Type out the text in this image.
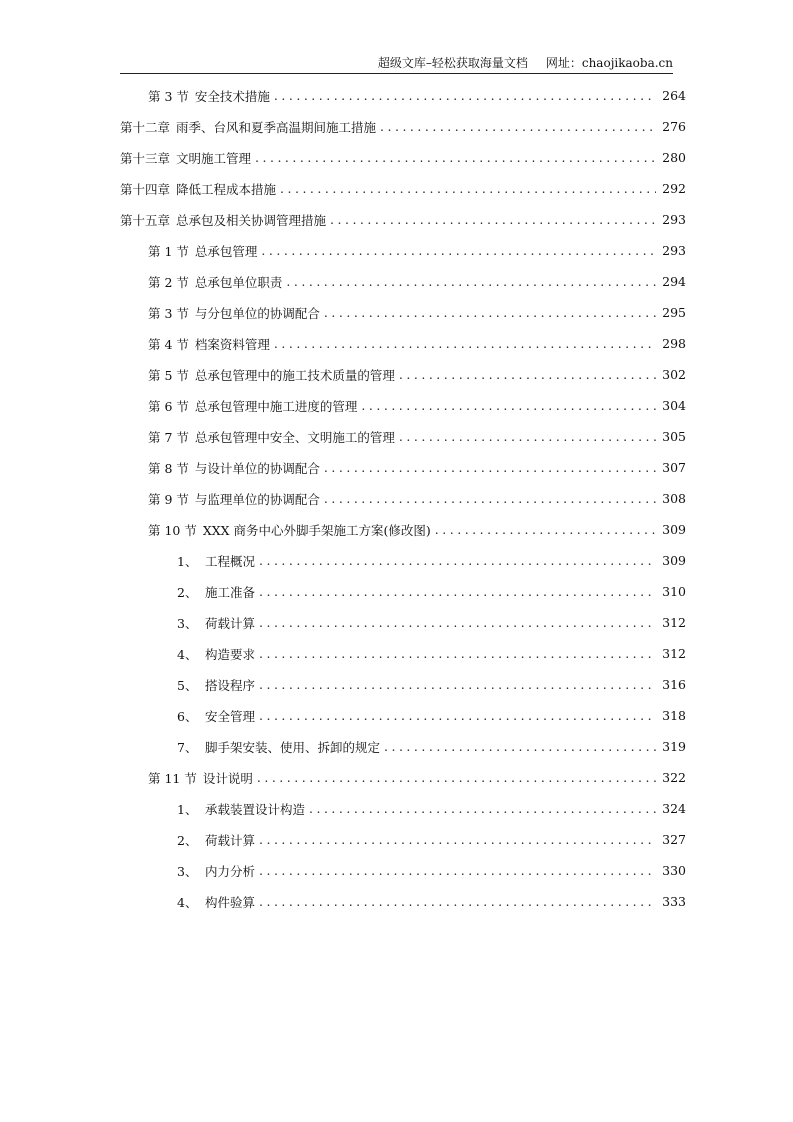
超级文库–轻松获取海量文档 网址：chaojikaoba.cn
第 3 节 安全技术措施 .....	264
第十二章 雨季、台风和夏季高温期间施工措施 .....	276
第十三章 文明施工管理 .....	280
第十四章 降低工程成本措施 .....	292
第十五章 总承包及相关协调管理措施 .....	293
第 1 节 总承包管理 .....	293
第 2 节 总承包单位职责 .....	294
第 3 节 与分包单位的协调配合 .....	295
第 4 节 档案资料管理 .....	298
第 5 节 总承包管理中的施工技术质量的管理 .....	302
第 6 节 总承包管理中施工进度的管理 .....	304
第 7 节 总承包管理中安全、文明施工的管理 .....	305
第 8 节 与设计单位的协调配合 .....	307
第 9 节 与监理单位的协调配合 .....	308
第 10 节 XXX 商务中心外脚手架施工方案(修改图) .....	309
1、 工程概况 .....	309
2、 施工准备 .....	310
3、 荷载计算 .....	312
4、 构造要求 .....	312
5、 搭设程序 .....	316
6、 安全管理 .....	318
7、 脚手架安装、使用、拆卸的规定 .....	319
第 11 节 设计说明 .....	322
1、 承载装置设计构造 .....	324
2、 荷载计算 .....	327
3、 内力分析 .....	330
4、 构件验算 .....	333
